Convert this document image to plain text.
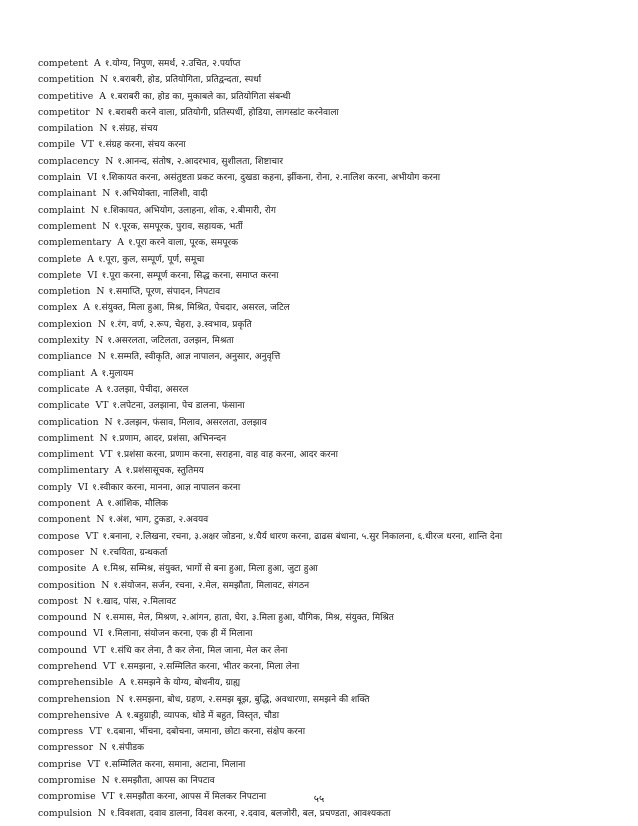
competent A १.योग्य, निपुण, समर्थ, २.उचित, २.पर्याप्त
competition N १.बराबरी, होड, प्रतियोगिता, प्रतिद्वन्दता, स्पर्धा
competitive A १.बराबरी का, होड का, मुकाबले का, प्रतियोगिता संबन्धी
competitor N १.बराबरी करने वाला, प्रतियोगी, प्रतिस्पर्धी, होडिया, लागस्डांट करनेवाला
compilation N १.संग्रह, संचय
compile VT १.संग्रह करना, संचय करना
complacency N १.आनन्द, संतोष, २.आदरभाव, सुशीलता, शिष्टाचार
complain VI १.शिकायत करना, असंतुष्टता प्रकट करना, दुखडा कहना, झींकना, रोना, २.नालिश करना, अभीयोग करना
complainant N १.अभियोक्ता, नालिशी, वादी
complaint N १.शिकायत, अभियोग, उलाहना, शोक, २.बीमारी, रोग
complement N १.पूरक, समपूरक, पुराव, सहायक, भर्ती
complementary A १.पूरा करने वाला, पूरक, समपूरक
complete A १.पूरा, कुल, सम्पूर्ण, पूर्ण, समूचा
complete VI १.पूरा करना, सम्पूर्ण करना, सिद्ध करना, समाप्त करना
completion N १.समाप्ति, पूरण, संपादन, निपटाव
complex A १.संयुक्त, मिला हुआ, मिश्र, मिश्रित, पेचदार, असरल, जटिल
complexion N १.रंग, वर्ण, २.रूप, चेहरा, ३.स्वभाव, प्रकृति
complexity N १.असरलता, जटिलता, उलझन, मिश्रता
compliance N १.सम्मति, स्वीकृति, आज्ञ नापालन, अनुसार, अनुवृत्ति
compliant A १.मुलायम
complicate A १.उलझा, पेचीदा, असरल
complicate VT १.लपेटना, उलझाना, पेच डालना, फंसाना
complication N १.उलझन, फंसाव, मिलाव, असरलता, उलझाव
compliment N १.प्रणाम, आदर, प्रशंसा, अभिनन्दन
compliment VT १.प्रशंसा करना, प्रणाम करना, सराहना, वाह वाह करना, आदर करना
complimentary A १.प्रशंसासूचक, स्तुतिमय
comply VI १.स्वीकार करना, मानना, आज्ञ नापालन करना
component A १.आंशिक, मौलिक
component N १.अंश, भाग, टुकडा, २.अवयव
compose VT १.बनाना, २.लिखना, रचना, ३.अक्षर जोडना, ४.धैर्य धारण करना, ढाढस बंधाना, ५.सुर निकालना, ६.धीरज धरना, शान्ति देना
composer N १.रचयिता, ग्रन्थकर्ता
composite A १.मिश्र, सम्मिश्र, संयुक्त, भागों से बना हुआ, मिला हुआ, जुटा हुआ
composition N १.संयोजन, सर्जन, रचना, २.मेल, समझौता, मिलावट, संगठन
compost N १.खाद, पांस, २.मिलावट
compound N १.समास, मेल, मिश्रण, २.आंगन, हाता, घेरा, ३.मिला हुआ, यौगिक, मिश्र, संयुक्त, मिश्रित
compound VI १.मिलाना, संयोजन करना, एक ही में मिलाना
compound VT १.संधि कर लेना, तै कर लेना, मिल जाना, मेल कर लेना
comprehend VT १.समझना, २.सम्मिलित करना, भीतर करना, मिला लेना
comprehensible A १.समझने के योग्य, बोधनीय, ग्राह्य
comprehension N १.समझना, बोध, ग्रहण, २.समझ बूझ, बुद्धि, अवधारणा, समझने की शक्ति
comprehensive A १.बहुग्राही, व्यापक, थोडे में बहुत, विस्तृत, चौडा
compress VT १.दबाना, भींचना, दबोचना, जमाना, छोटा करना, संक्षेप करना
compressor N १.संपीडक
comprise VT १.सम्मिलित करना, समाना, अटाना, मिलाना
compromise N १.समझौता, आपस का निपटाव
compromise VT १.समझौता करना, आपस में मिलकर निपटाना
compulsion N १.विवशता, दवाव डालना, विवश करना, २.दवाव, बलजोरी, बल, प्रचण्डता, आवश्यकता
५५
